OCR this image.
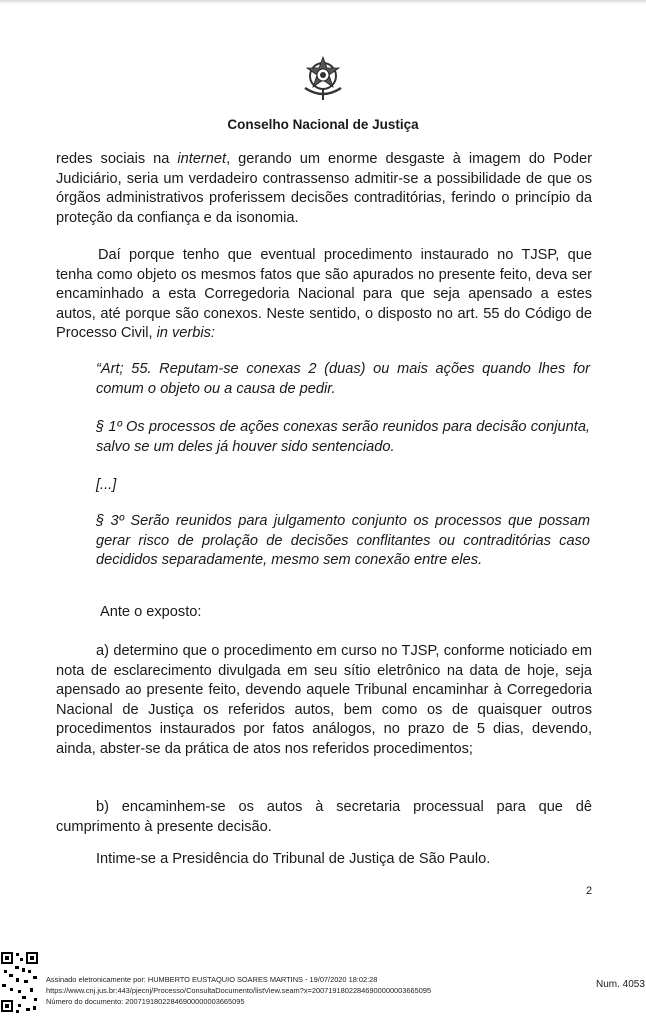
Conselho Nacional de Justiça

redes sociais na internet, gerando um enorme desgaste à imagem do Poder Judiciário, seria um verdadeiro contrassenso admitir-se a possibilidade de que os órgãos administrativos proferissem decisões contraditórias, ferindo o princípio da proteção da confiança e da isonomia.

Daí porque tenho que eventual procedimento instaurado no TJSP, que tenha como objeto os mesmos fatos que são apurados no presente feito, deva ser encaminhado a esta Corregedoria Nacional para que seja apensado a estes autos, até porque são conexos. Neste sentido, o disposto no art. 55 do Código de Processo Civil, in verbis:

“Art; 55. Reputam-se conexas 2 (duas) ou mais ações quando lhes for comum o objeto ou a causa de pedir.
§ 1º Os processos de ações conexas serão reunidos para decisão conjunta, salvo se um deles já houver sido sentenciado.
[...]
§ 3º Serão reunidos para julgamento conjunto os processos que possam gerar risco de prolação de decisões conflitantes ou contraditórias caso decididos separadamente, mesmo sem conexão entre eles.
Ante o exposto:
a) determino que o procedimento em curso no TJSP, conforme noticiado em nota de esclarecimento divulgada em seu sítio eletrônico na data de hoje, seja apensado ao presente feito, devendo aquele Tribunal encaminhar à Corregedoria Nacional de Justiça os referidos autos, bem como os de quaisquer outros procedimentos instaurados por fatos análogos, no prazo de 5 dias, devendo, ainda, abster-se da prática de atos nos referidos procedimentos;
b) encaminhem-se os autos à secretaria processual para que dê cumprimento à presente decisão.
Intime-se a Presidência do Tribunal de Justiça de São Paulo.
2
Assinado eletronicamente por: HUMBERTO EUSTAQUIO SOARES MARTINS - 19/07/2020 18:02:28
https://www.cnj.jus.br:443/pjecnj/Processo/ConsultaDocumento/listView.seam?x=20071918022846900000003665095
Número do documento: 20071918022846900000003665095
Num. 4053
